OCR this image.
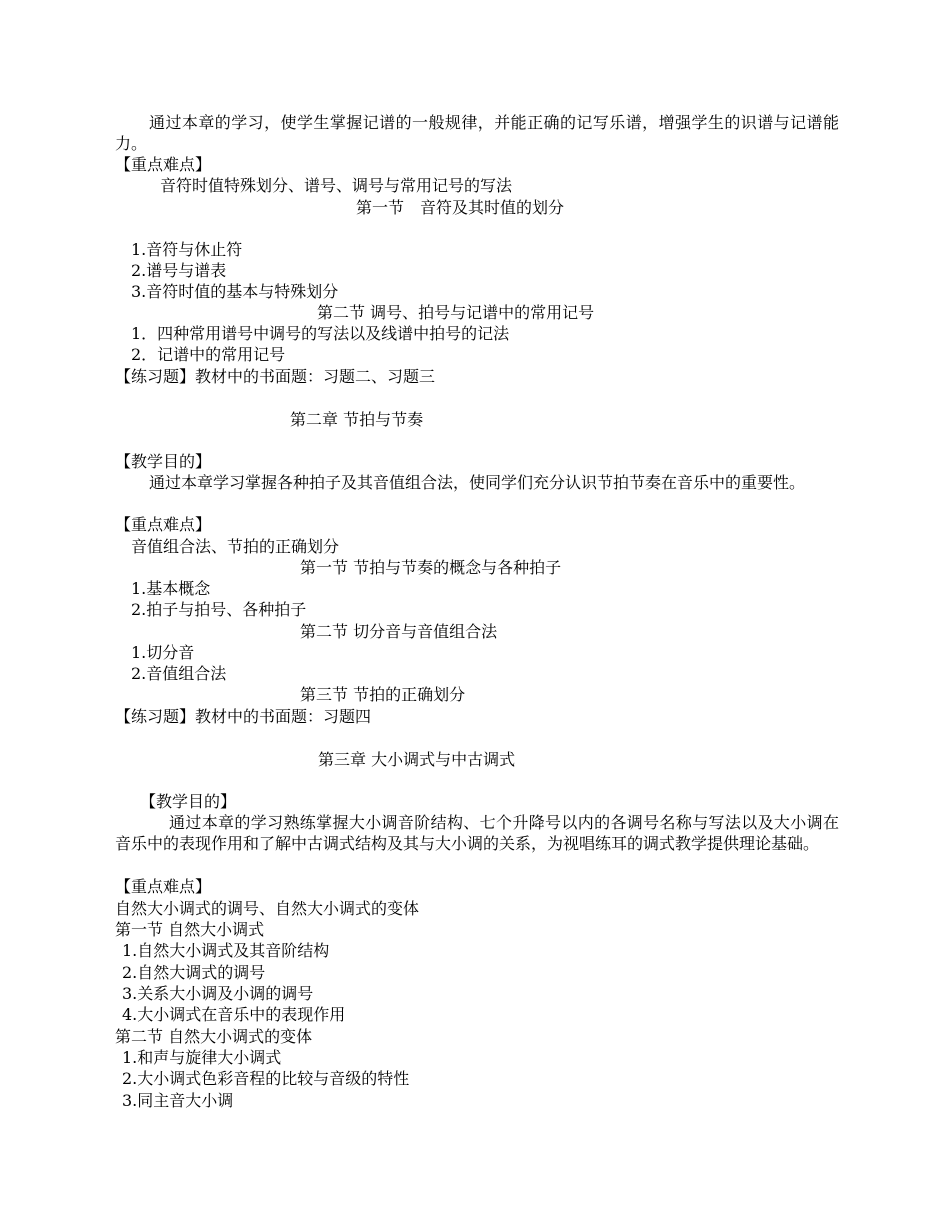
通过本章的学习，使学生掌握记谱的一般规律，并能正确的记写乐谱，增强学生的识谱与记谱能力。
【重点难点】
音符时值特殊划分、谱号、调号与常用记号的写法
第一节　音符及其时值的划分
1.音符与休止符
2.谱号与谱表
3.音符时值的基本与特殊划分
第二节 调号、拍号与记谱中的常用记号
1．四种常用谱号中调号的写法以及线谱中拍号的记法
2．记谱中的常用记号
【练习题】教材中的书面题：习题二、习题三
第二章 节拍与节奏
【教学目的】
通过本章学习掌握各种拍子及其音值组合法，使同学们充分认识节拍节奏在音乐中的重要性。
【重点难点】
音值组合法、节拍的正确划分
第一节 节拍与节奏的概念与各种拍子
1.基本概念
2.拍子与拍号、各种拍子
第二节 切分音与音值组合法
1.切分音
2.音值组合法
第三节 节拍的正确划分
【练习题】教材中的书面题：习题四
第三章 大小调式与中古调式
【教学目的】
通过本章的学习熟练掌握大小调音阶结构、七个升降号以内的各调号名称与写法以及大小调在音乐中的表现作用和了解中古调式结构及其与大小调的关系，为视唱练耳的调式教学提供理论基础。
【重点难点】
自然大小调式的调号、自然大小调式的变体
第一节 自然大小调式
1.自然大小调式及其音阶结构
2.自然大调式的调号
3.关系大小调及小调的调号
4.大小调式在音乐中的表现作用
第二节 自然大小调式的变体
1.和声与旋律大小调式
2.大小调式色彩音程的比较与音级的特性
3.同主音大小调
